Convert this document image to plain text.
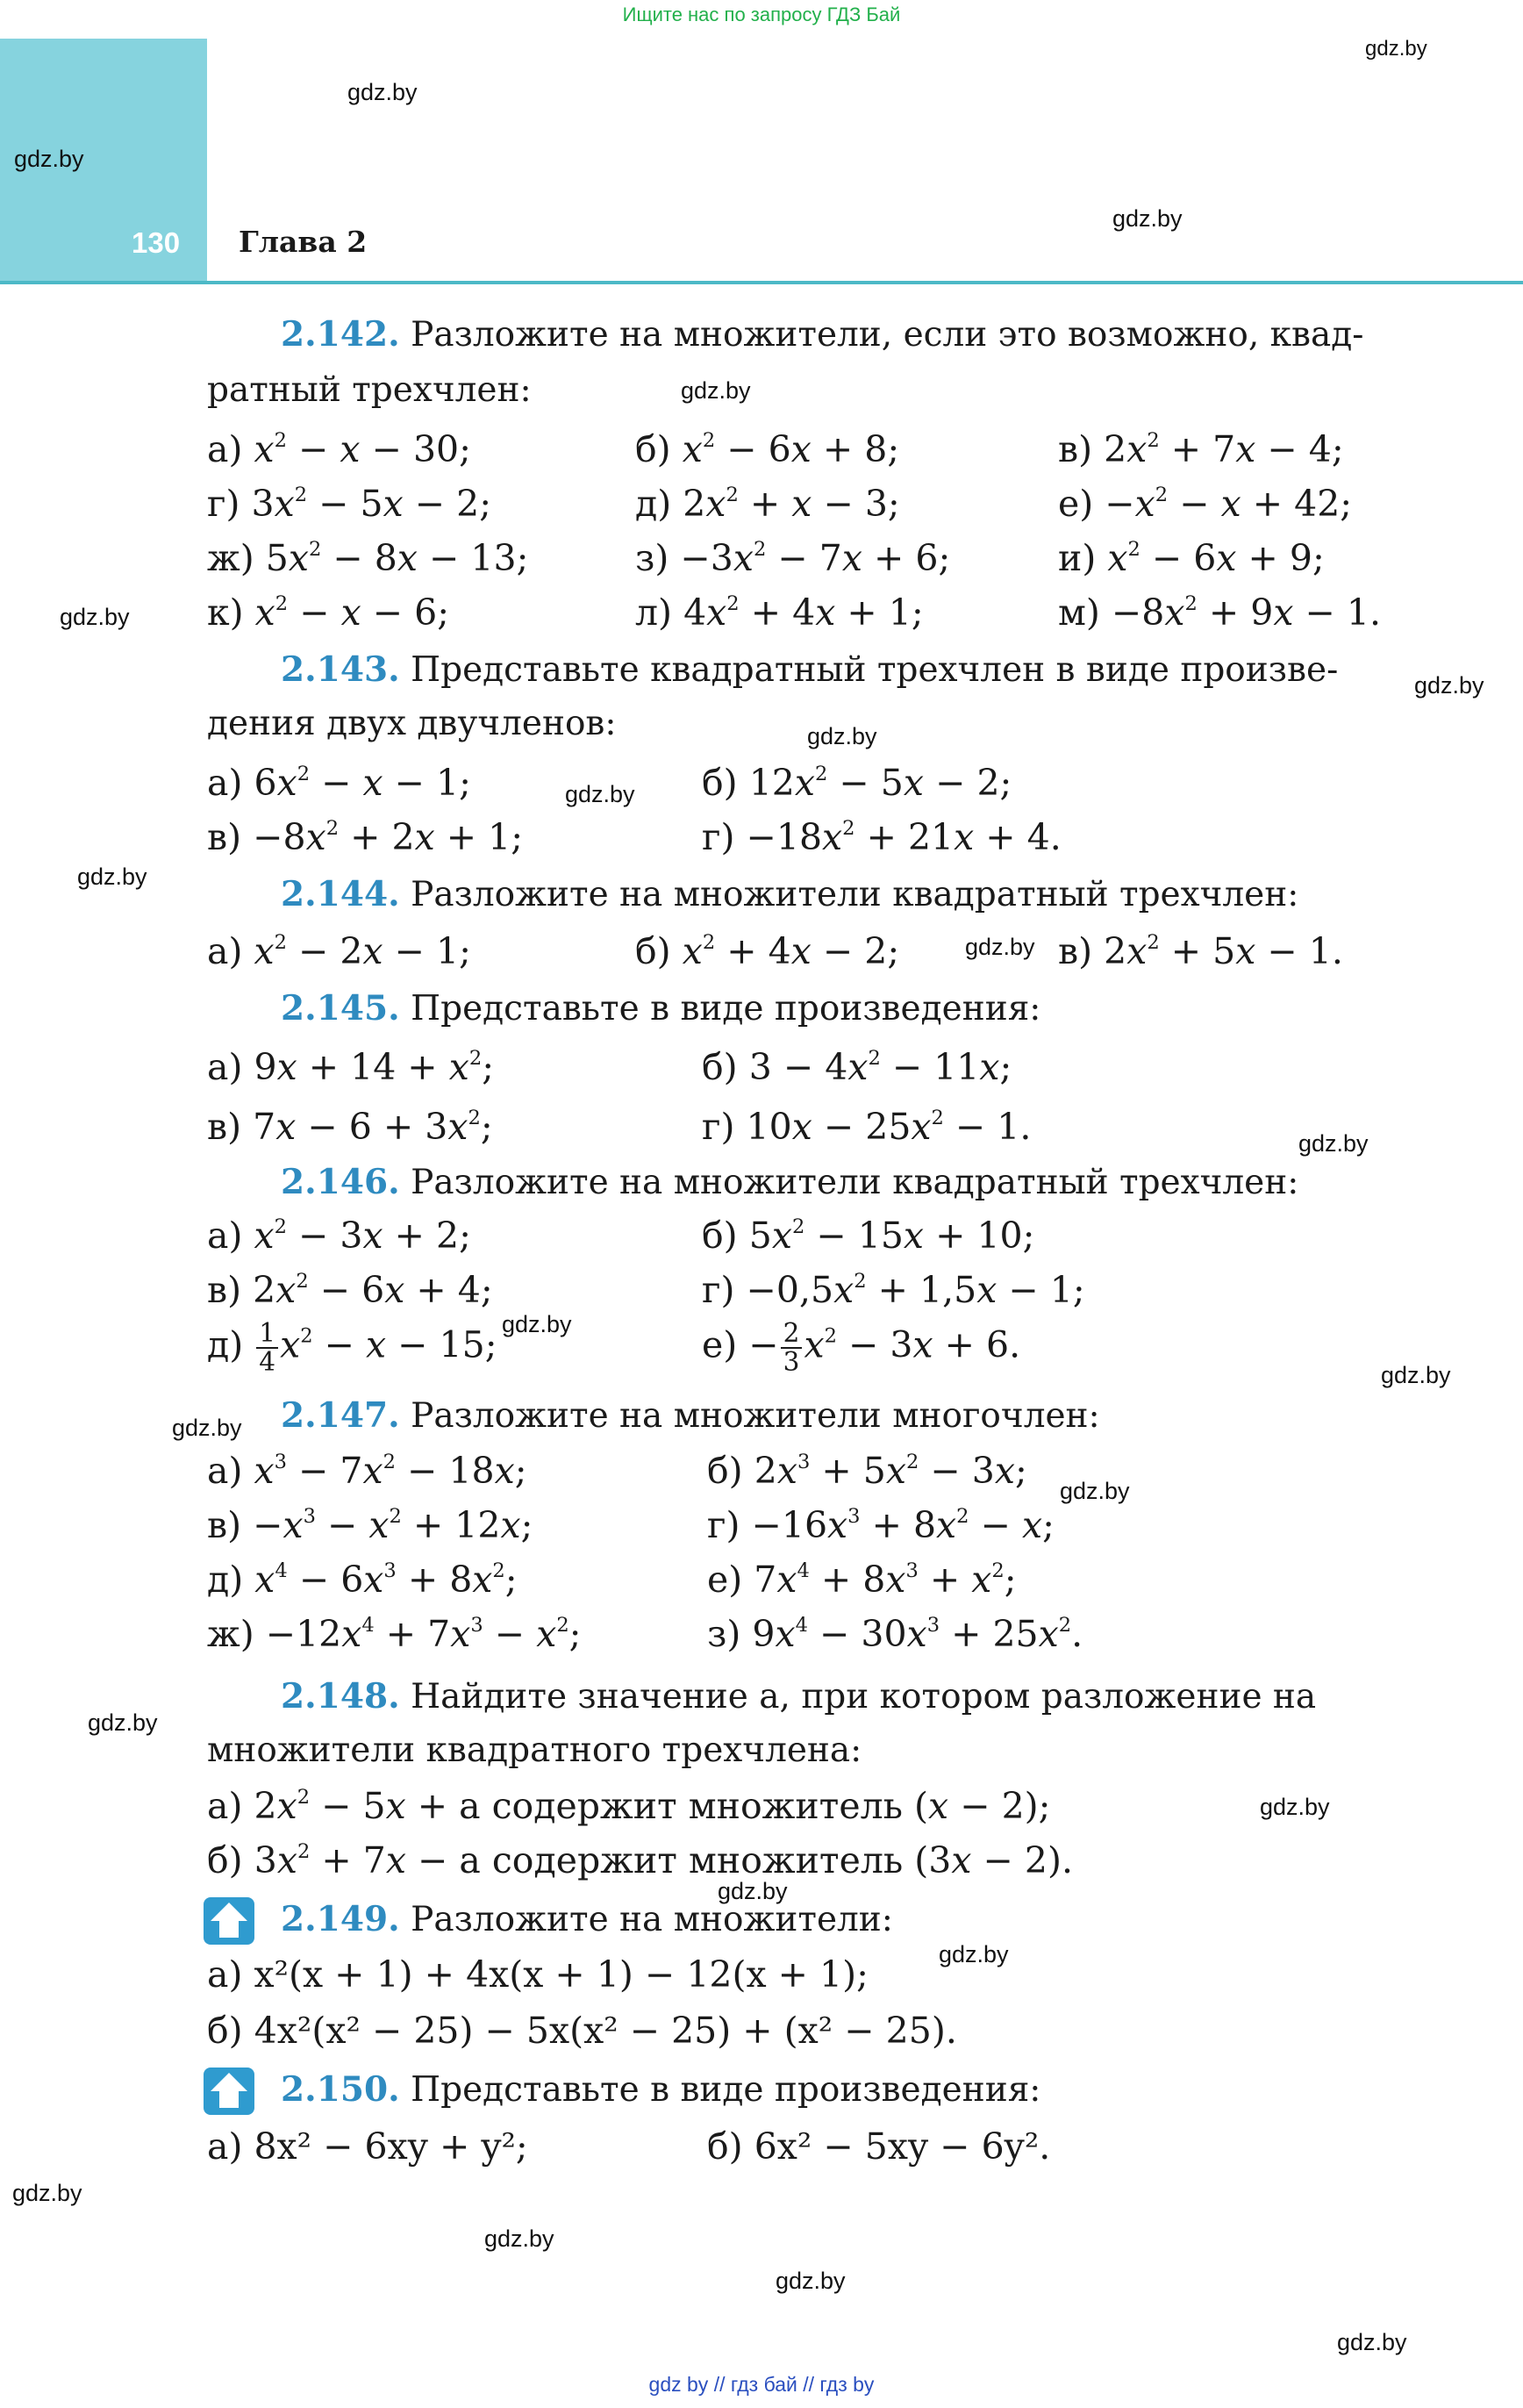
Ищите нас по запросу ГДЗ Бай
130 Глава 2
gdz.by
gdz.by
gdz.by
gdz.by
gdz.by
gdz.by
gdz.by
gdz.by
gdz.by
gdz.by
gdz.by
gdz.by
gdz.by
gdz.by
gdz.by
gdz.by
gdz.by
gdz.by
gdz.by
gdz.by
gdz.by
gdz.by
gdz.by
gdz.by
2.142. Разложите на множители, если это возможно, квад-
ратный трехчлен:
а) $x^2 - x - 30$;	б) $x^2 - 6x + 8$;	в) $2x^2 + 7x - 4$;
г) $3x^2 - 5x - 2$;	д) $2x^2 + x - 3$;	$е) -x^2 - x + 42$;
ж) $5x^2 - 8x - 13$;	$з) -3x^2 - 7x + 6$;	и) $x^2 - 6x + 9$;
к) $x^2 - x - 6$;	л) $4x^2 + 4x + 1$;	$м) -8x^2 + 9x - 1$.
2.143. Представьте квадратный трехчлен в виде произве-
дения двух двучленов:
а) $6x^2 - x - 1$;	б) $12x^2 - 5x - 2$;
$в) -8x^2 + 2x + 1$;	$г) -18x^2 + 21x + 4$.
2.144. Разложите на множители квадратный трехчлен:
а) $x^2 - 2x - 1$;	б) $x^2 + 4x - 2$;	в) $2x^2 + 5x - 1$.
2.145. Представьте в виде произведения:
а) $9x + 14 + x^2$;	б) $3 - 4x^2 - 11x$;
в) $7x - 6 + 3x^2$;	г) $10x - 25x^2 - 1$.
2.146. Разложите на множители квадратный трехчлен:
а) $x^2 - 3x + 2$;	б) $5x^2 - 15x + 10$;
в) $2x^2 - 6x + 4$;	$г) -0,5x^2 + 1,5x - 1$;
$д) \frac{1}{4} x^2 - x - 15$;	$е) - \frac{2}{3} x^2 - 3x + 6$.
2.147. Разложите на множители многочлен:
а) $x^3 - 7x^2 - 18x$;	б) $2x^3 + 5x^2 - 3x$;
$в) -x^3 - x^2 + 12x$;	$г) -16x^3 + 8x^2 - x$;
д) $x^4 - 6x^3 + 8x^2$;	е) $7x^4 + 8x^3 + x^2$;
$ж) -12x^4 + 7x^3 - x^2$;	з) $9x^4 - 30x^3 + 25x^2$.
2.148. Найдите значение a, при котором разложение на
множители квадратного трехчлена:
а) $2x^2 - 5x + a$ содержит множитель (x − 2);
б) $3x^2 + 7x - a$ содержит множитель (3x − 2).
2.149. Разложите на множители:
а) x²(x + 1) + 4x(x + 1) − 12(x + 1);
б) 4x²(x² − 25) − 5x(x² − 25) + (x² − 25).
2.150. Представьте в виде произведения:
а) 8x² − 6xy + y²;	б) 6x² − 5xy − 6y².
gdz by // гдз бай // гдз by
